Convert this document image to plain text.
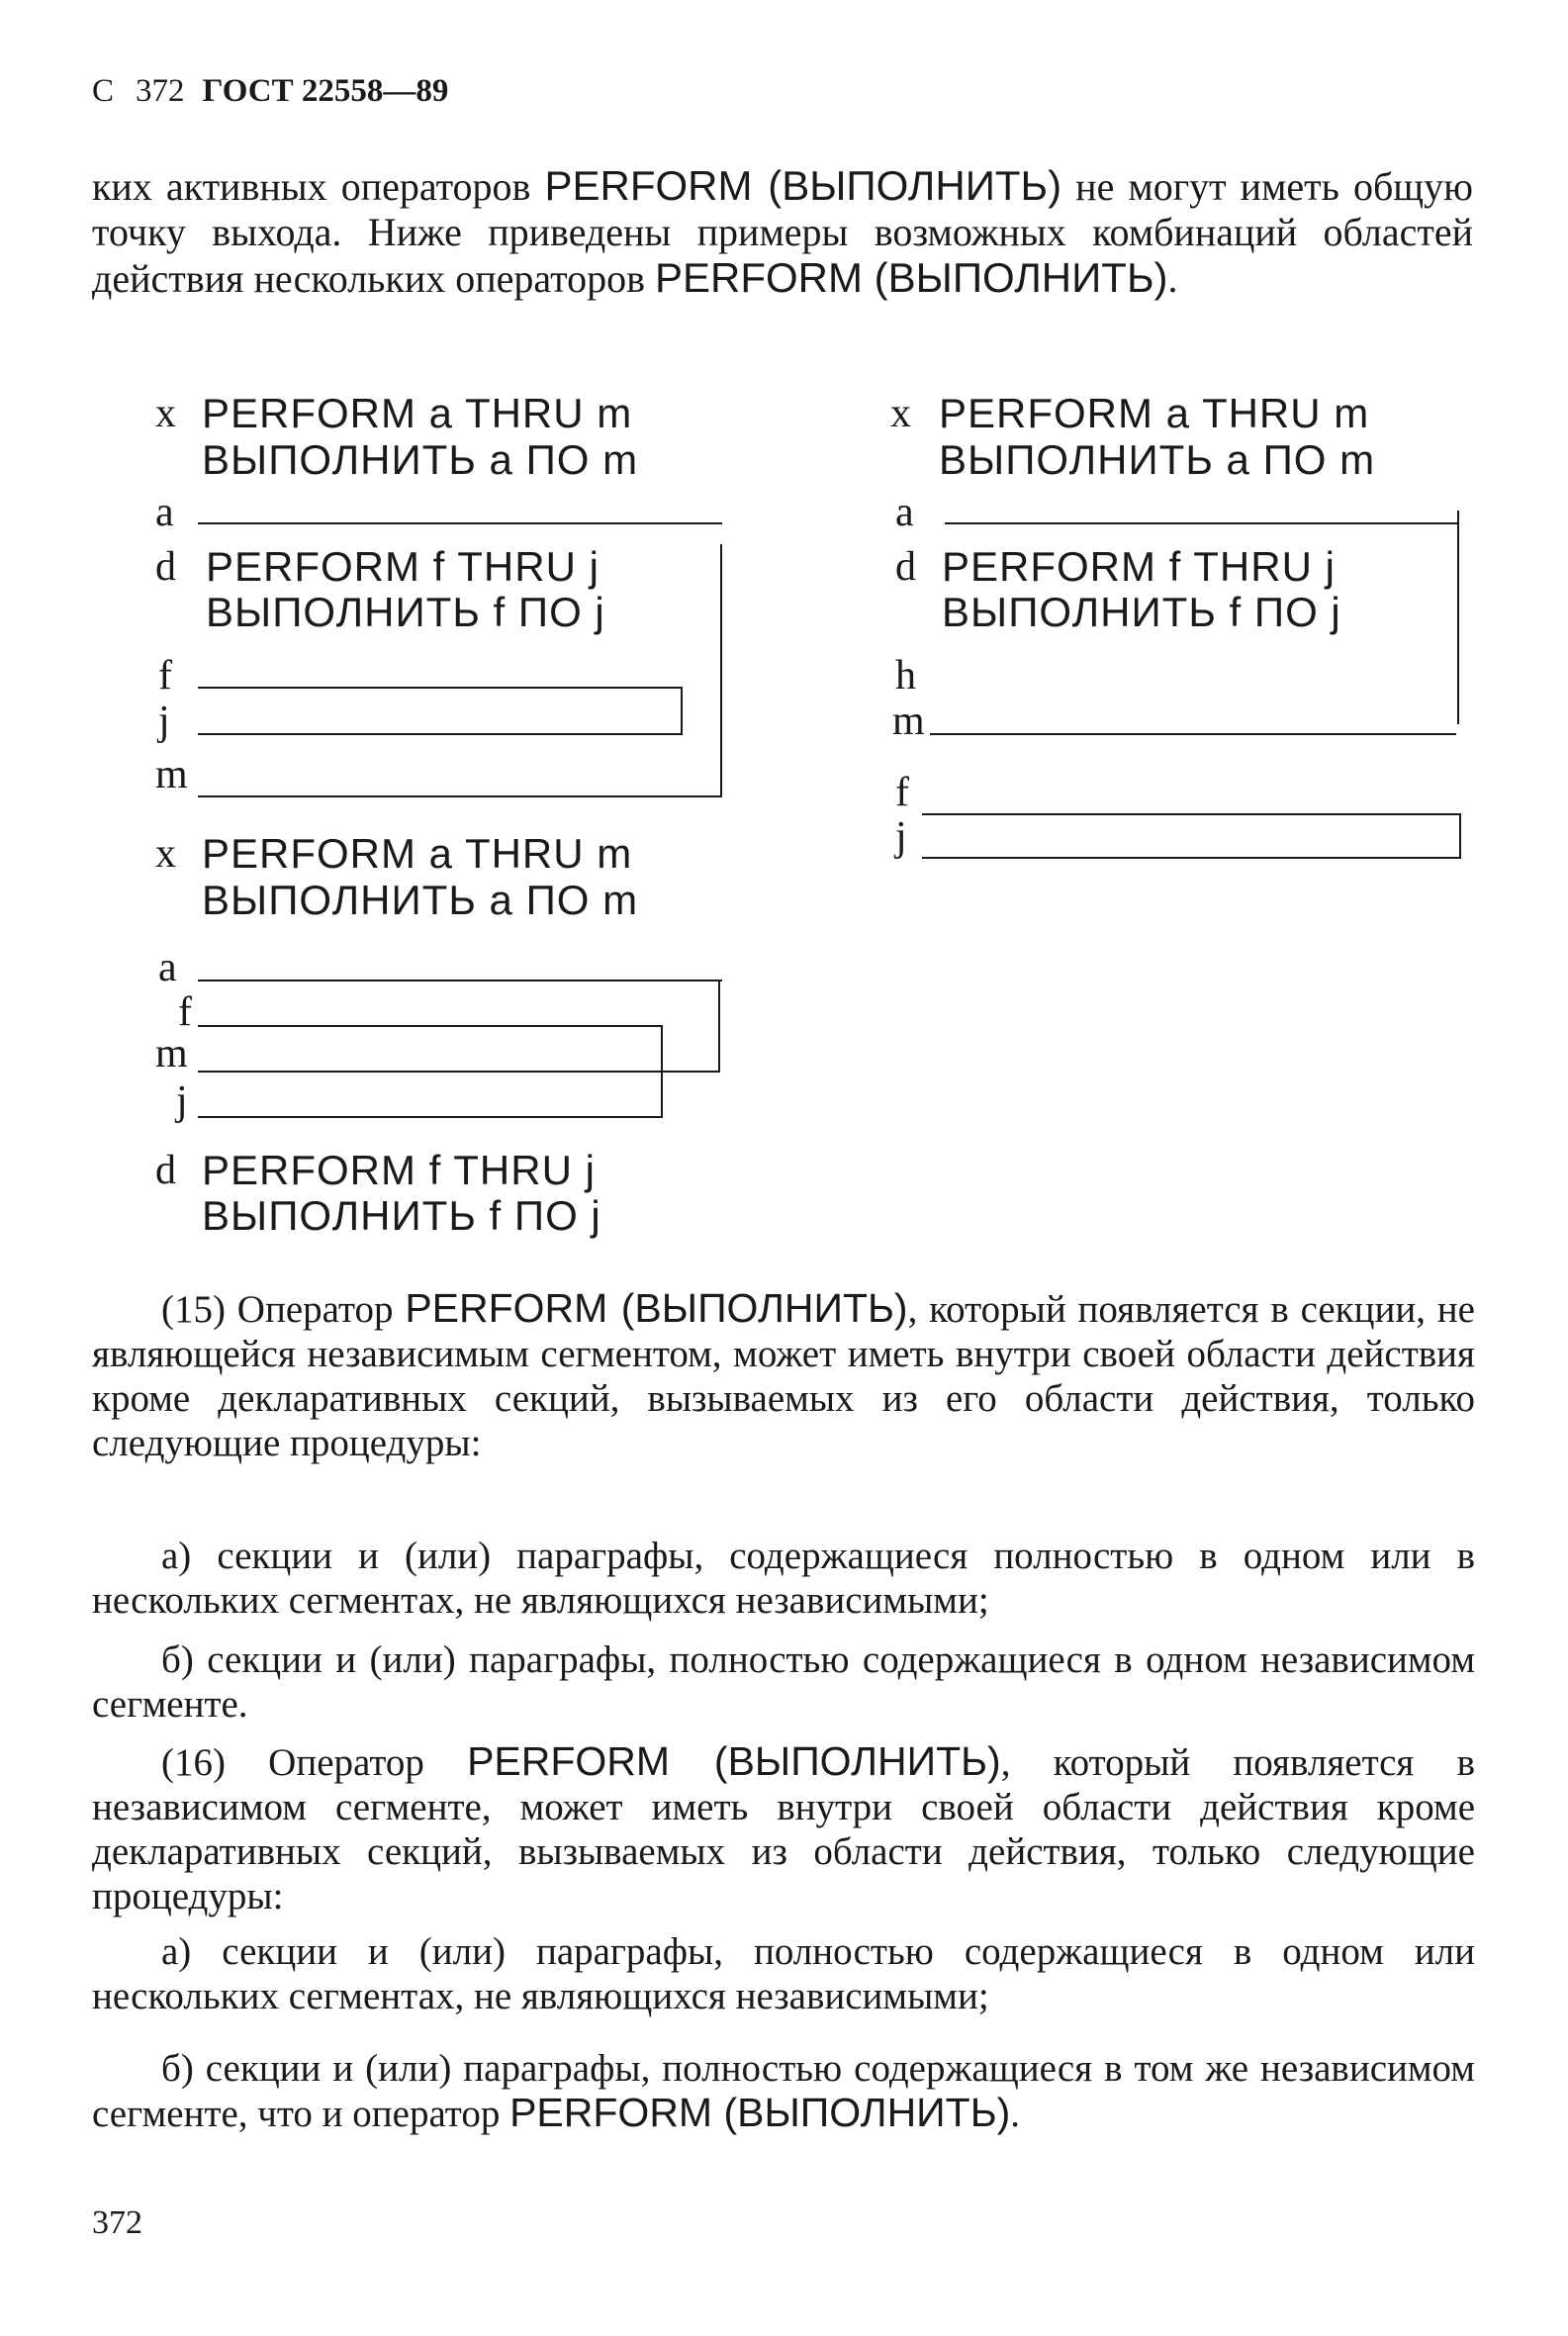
С 372 ГОСТ 22558—89
ких активных операторов PERFORM (ВЫПОЛНИТЬ) не могут иметь общую точку выхода. Ниже приведены примеры возможных комбинаций областей действия нескольких операторов PERFORM (ВЫПОЛНИТЬ).
x PERFORM a THRU m
ВЫПОЛНИТЬ a ПО m
a
d PERFORM f THRU j
ВЫПОЛНИТЬ f ПО j
f
j
m
x PERFORM a THRU m
ВЫПОЛНИТЬ a ПО m
a
d PERFORM f THRU j
ВЫПОЛНИТЬ f ПО j
h
m
f
j
x PERFORM a THRU m
ВЫПОЛНИТЬ a ПО m
a
f
m
j
d PERFORM f THRU j
ВЫПОЛНИТЬ f ПО j
(15) Оператор PERFORM (ВЫПОЛНИТЬ), который появляется в секции, не являющейся независимым сегментом, может иметь внутри своей области действия кроме декларативных секций, вызываемых из его области действия, только следующие процедуры:
а) секции и (или) параграфы, содержащиеся полностью в одном или в нескольких сегментах, не являющихся независимыми;
б) секции и (или) параграфы, полностью содержащиеся в одном независимом сегменте.
(16) Оператор PERFORM (ВЫПОЛНИТЬ), который появляется в независимом сегменте, может иметь внутри своей области действия кроме декларативных секций, вызываемых из области действия, только следующие процедуры:
а) секции и (или) параграфы, полностью содержащиеся в одном или нескольких сегментах, не являющихся независимыми;
б) секции и (или) параграфы, полностью содержащиеся в том же независимом сегменте, что и оператор PERFORM (ВЫПОЛНИТЬ).
372
